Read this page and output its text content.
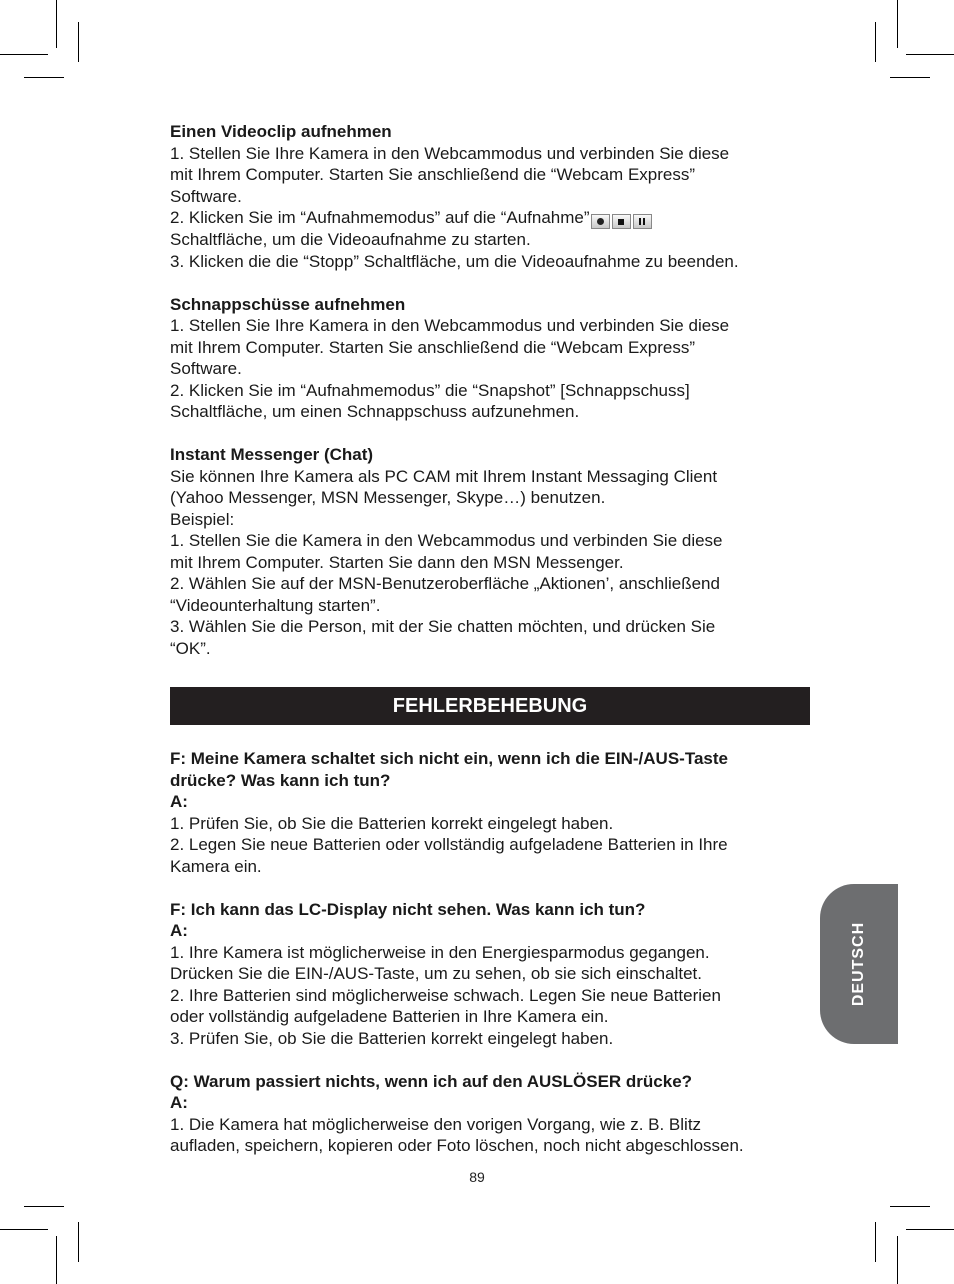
Einen Videoclip aufnehmen

1. Stellen Sie Ihre Kamera in den Webcammodus und verbinden Sie diese

mit Ihrem Computer. Starten Sie anschließend die “Webcam Express”

Software.

2. Klicken Sie im “Aufnahmemodus” auf die “Aufnahme”

Schaltfläche, um die Videoaufnahme zu starten.

3. Klicken die die “Stopp” Schaltfläche, um die Videoaufnahme zu beenden.

Schnappschüsse aufnehmen

1. Stellen Sie Ihre Kamera in den Webcammodus und verbinden Sie diese

mit Ihrem Computer. Starten Sie anschließend die “Webcam Express”

Software.

2. Klicken Sie im “Aufnahmemodus” die “Snapshot” [Schnappschuss]

Schaltfläche, um einen Schnappschuss aufzunehmen.

Instant Messenger (Chat)

Sie können Ihre Kamera als PC CAM mit Ihrem Instant Messaging Client

(Yahoo Messenger, MSN Messenger, Skype…) benutzen.

Beispiel:

1. Stellen Sie die Kamera in den Webcammodus und verbinden Sie diese

mit Ihrem Computer. Starten Sie dann den MSN Messenger.

2. Wählen Sie auf der MSN-Benutzeroberfläche „Aktionen’, anschließend

“Videounterhaltung starten”.

3. Wählen Sie die Person, mit der Sie chatten möchten, und drücken Sie

“OK”.

FEHLERBEHEBUNG

F: Meine Kamera schaltet sich nicht ein, wenn ich die EIN-/AUS-Taste

drücke? Was kann ich tun?

A:

1. Prüfen Sie, ob Sie die Batterien korrekt eingelegt haben.

2. Legen Sie neue Batterien oder vollständig aufgeladene Batterien in Ihre

Kamera ein.

F: Ich kann das LC-Display nicht sehen. Was kann ich tun?

A:

1. Ihre Kamera ist möglicherweise in den Energiesparmodus gegangen.

Drücken Sie die EIN-/AUS-Taste, um zu sehen, ob sie sich einschaltet.

2. Ihre Batterien sind möglicherweise schwach. Legen Sie neue Batterien

oder vollständig aufgeladene Batterien in Ihre Kamera ein.

3. Prüfen Sie, ob Sie die Batterien korrekt eingelegt haben.

Q: Warum passiert nichts, wenn ich auf den AUSLÖSER drücke?

A:

1. Die Kamera hat möglicherweise den vorigen Vorgang, wie z. B. Blitz

aufladen, speichern, kopieren oder Foto löschen, noch nicht abgeschlossen.

DEUTSCH
89
